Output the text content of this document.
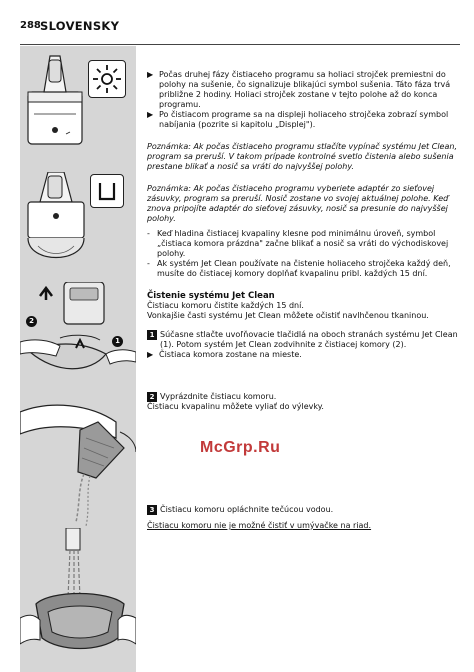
288 SLOVENSKY
2
1
▶ Počas druhej fázy čistiaceho programu sa holiaci strojček premiestni do polohy na sušenie, čo signalizuje blikajúci symbol sušenia. Táto fáza trvá približne 2 hodiny. Holiaci strojček zostane v tejto polohe až do konca programu.
▶ Po čistiacom programe sa na displeji holiaceho strojčeka zobrazí symbol nabíjania (pozrite si kapitolu „Displej").
Poznámka: Ak počas čistiaceho programu stlačíte vypínač systému Jet Clean, program sa preruší. V takom prípade kontrolné svetlo čistenia alebo sušenia prestane blikať a nosič sa vráti do najvyššej polohy.
Poznámka: Ak počas čistiaceho programu vyberiete adaptér zo sieťovej zásuvky, program sa preruší. Nosič zostane vo svojej aktuálnej polohe. Keď znova pripojíte adaptér do sieťovej zásuvky, nosič sa presunie do najvyššej polohy.
- Keď hladina čistiacej kvapaliny klesne pod minimálnu úroveň, symbol „čistiaca komora prázdna" začne blikať a nosič sa vráti do východiskovej polohy.
- Ak systém Jet Clean používate na čistenie holiaceho strojčeka každý deň, musíte do čistiacej komory doplňať kvapalinu pribl. každých 15 dní.
Čistenie systému Jet Clean
Čistiacu komoru čistite každých 15 dní.
Vonkajšie časti systému Jet Clean môžete očistiť navlhčenou tkaninou.
1 Súčasne stlačte uvoľňovacie tlačidlá na oboch stranách systému Jet Clean (1). Potom systém Jet Clean zodvihnite z čistiacej komory (2).
▶ Čistiaca komora zostane na mieste.
2 Vyprázdnite čistiacu komoru.
Čistiacu kvapalinu môžete vyliať do výlevky.
3 Čistiacu komoru opláchnite tečúcou vodou.
Čistiacu komoru nie je možné čistiť v umývačke na riad.
McGrp.Ru
